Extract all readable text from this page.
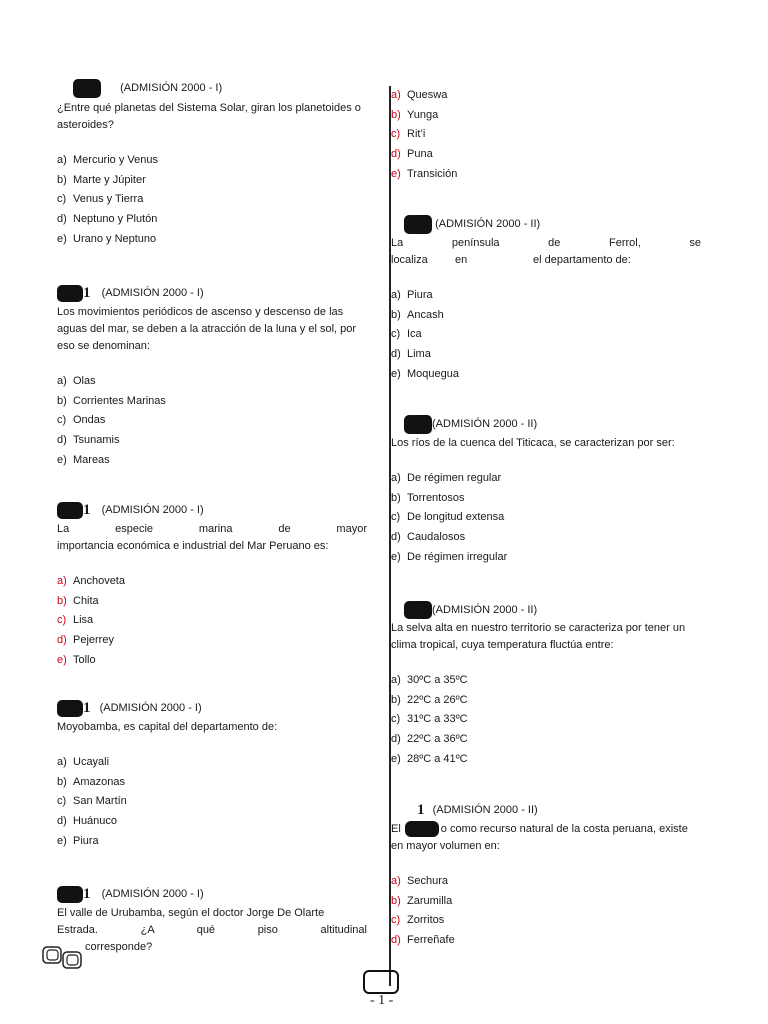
(ADMISIÓN 2000 - I)

¿Entre qué planetas del Sistema Solar, giran los planetoides o asteroides?

a) Mercurio y Venus
b) Marte y Júpiter
c) Venus y Tierra
d) Neptuno y Plutón
e) Urano y Neptuno
1 (ADMISIÓN 2000 - I)

Los movimientos periódicos de ascenso y descenso de las aguas del mar, se deben a la atracción de la luna y el sol, por eso se denominan:

a) Olas
b) Corrientes Marinas
c) Ondas
d) Tsunamis
e) Mareas
1 (ADMISIÓN 2000 - I)

La especie marina de mayor

importancia económica e industrial del Mar Peruano es:

a) Anchoveta
b) Chita
c) Lisa
d) Pejerrey
e) Tollo
1 (ADMISIÓN 2000 - I)

Moyobamba, es capital del departamento de:

a) Ucayali
b) Amazonas
c) San Martín
d) Huánuco
e) Piura
1 (ADMISIÓN 2000 - I)

El valle de Urubamba, según el doctor Jorge De Olarte

Estrada. ¿A qué piso altitudinal

corresponde?

a) Queswa
b) Yunga
c) Rit’i
d) Puna
e) Transición
(ADMISIÓN 2000 - II)

La península de Ferrol, se

localiza en	el departamento de:

a) Piura
b) Ancash
c) Ica
d) Lima
e) Moquegua
(ADMISIÓN 2000 - II)

Los ríos de la cuenca del Titicaca, se caracterizan por ser:

a) De régimen regular
b) Torrentosos
c) De longitud extensa
d) Caudalosos
e) De régimen irregular
(ADMISIÓN 2000 - II)

La selva alta en nuestro territorio se caracteriza por tener un clima tropical, cuya temperatura fluctúa entre:

a) 30ºC a 35ºC
b) 22ºC a 26ºC
c) 31ºC a 33ºC
d) 22ºC a 36ºC
e) 28ºC a 41ºC
1 (ADMISIÓN 2000 - II)

El	o como recurso natural de la costa peruana, existe en mayor volumen en:

a) Sechura
b) Zarumilla
c) Zorritos
d) Ferreñafe
- 1 -
